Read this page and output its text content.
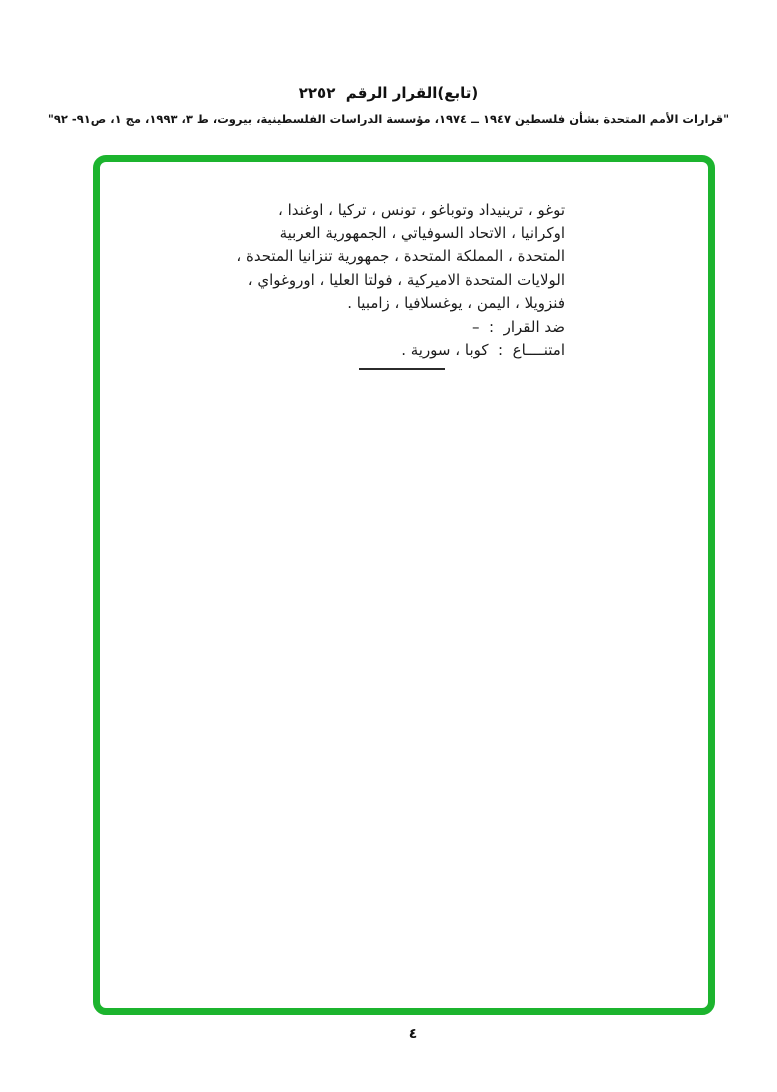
(تابع)القرار الرقم  ٢٢٥٢
"قرارات الأمم المتحدة بشأن فلسطين ١٩٤٧ ــ ١٩٧٤، مؤسسة الدراسات الفلسطينية، بيروت، ط ٣، ١٩٩٣، مج ١، ص٩١- ٩٢"
توغو ، ترينيداد وتوباغو ، تونس ، تركيا ، اوغندا ،
اوكرانيا ، الاتحاد السوفياتي ، الجمهورية العربية
المتحدة ، المملكة المتحدة ، جمهورية تنزانيا المتحدة ،
الولايات المتحدة الاميركية ، فولتا العليا ، اوروغواي ،
فنزويلا ، اليمن ، يوغسلافيا ، زامبيا .
ضد القرار  :  –
امتنــــاع  :  كوبا ، سورية .
٤
